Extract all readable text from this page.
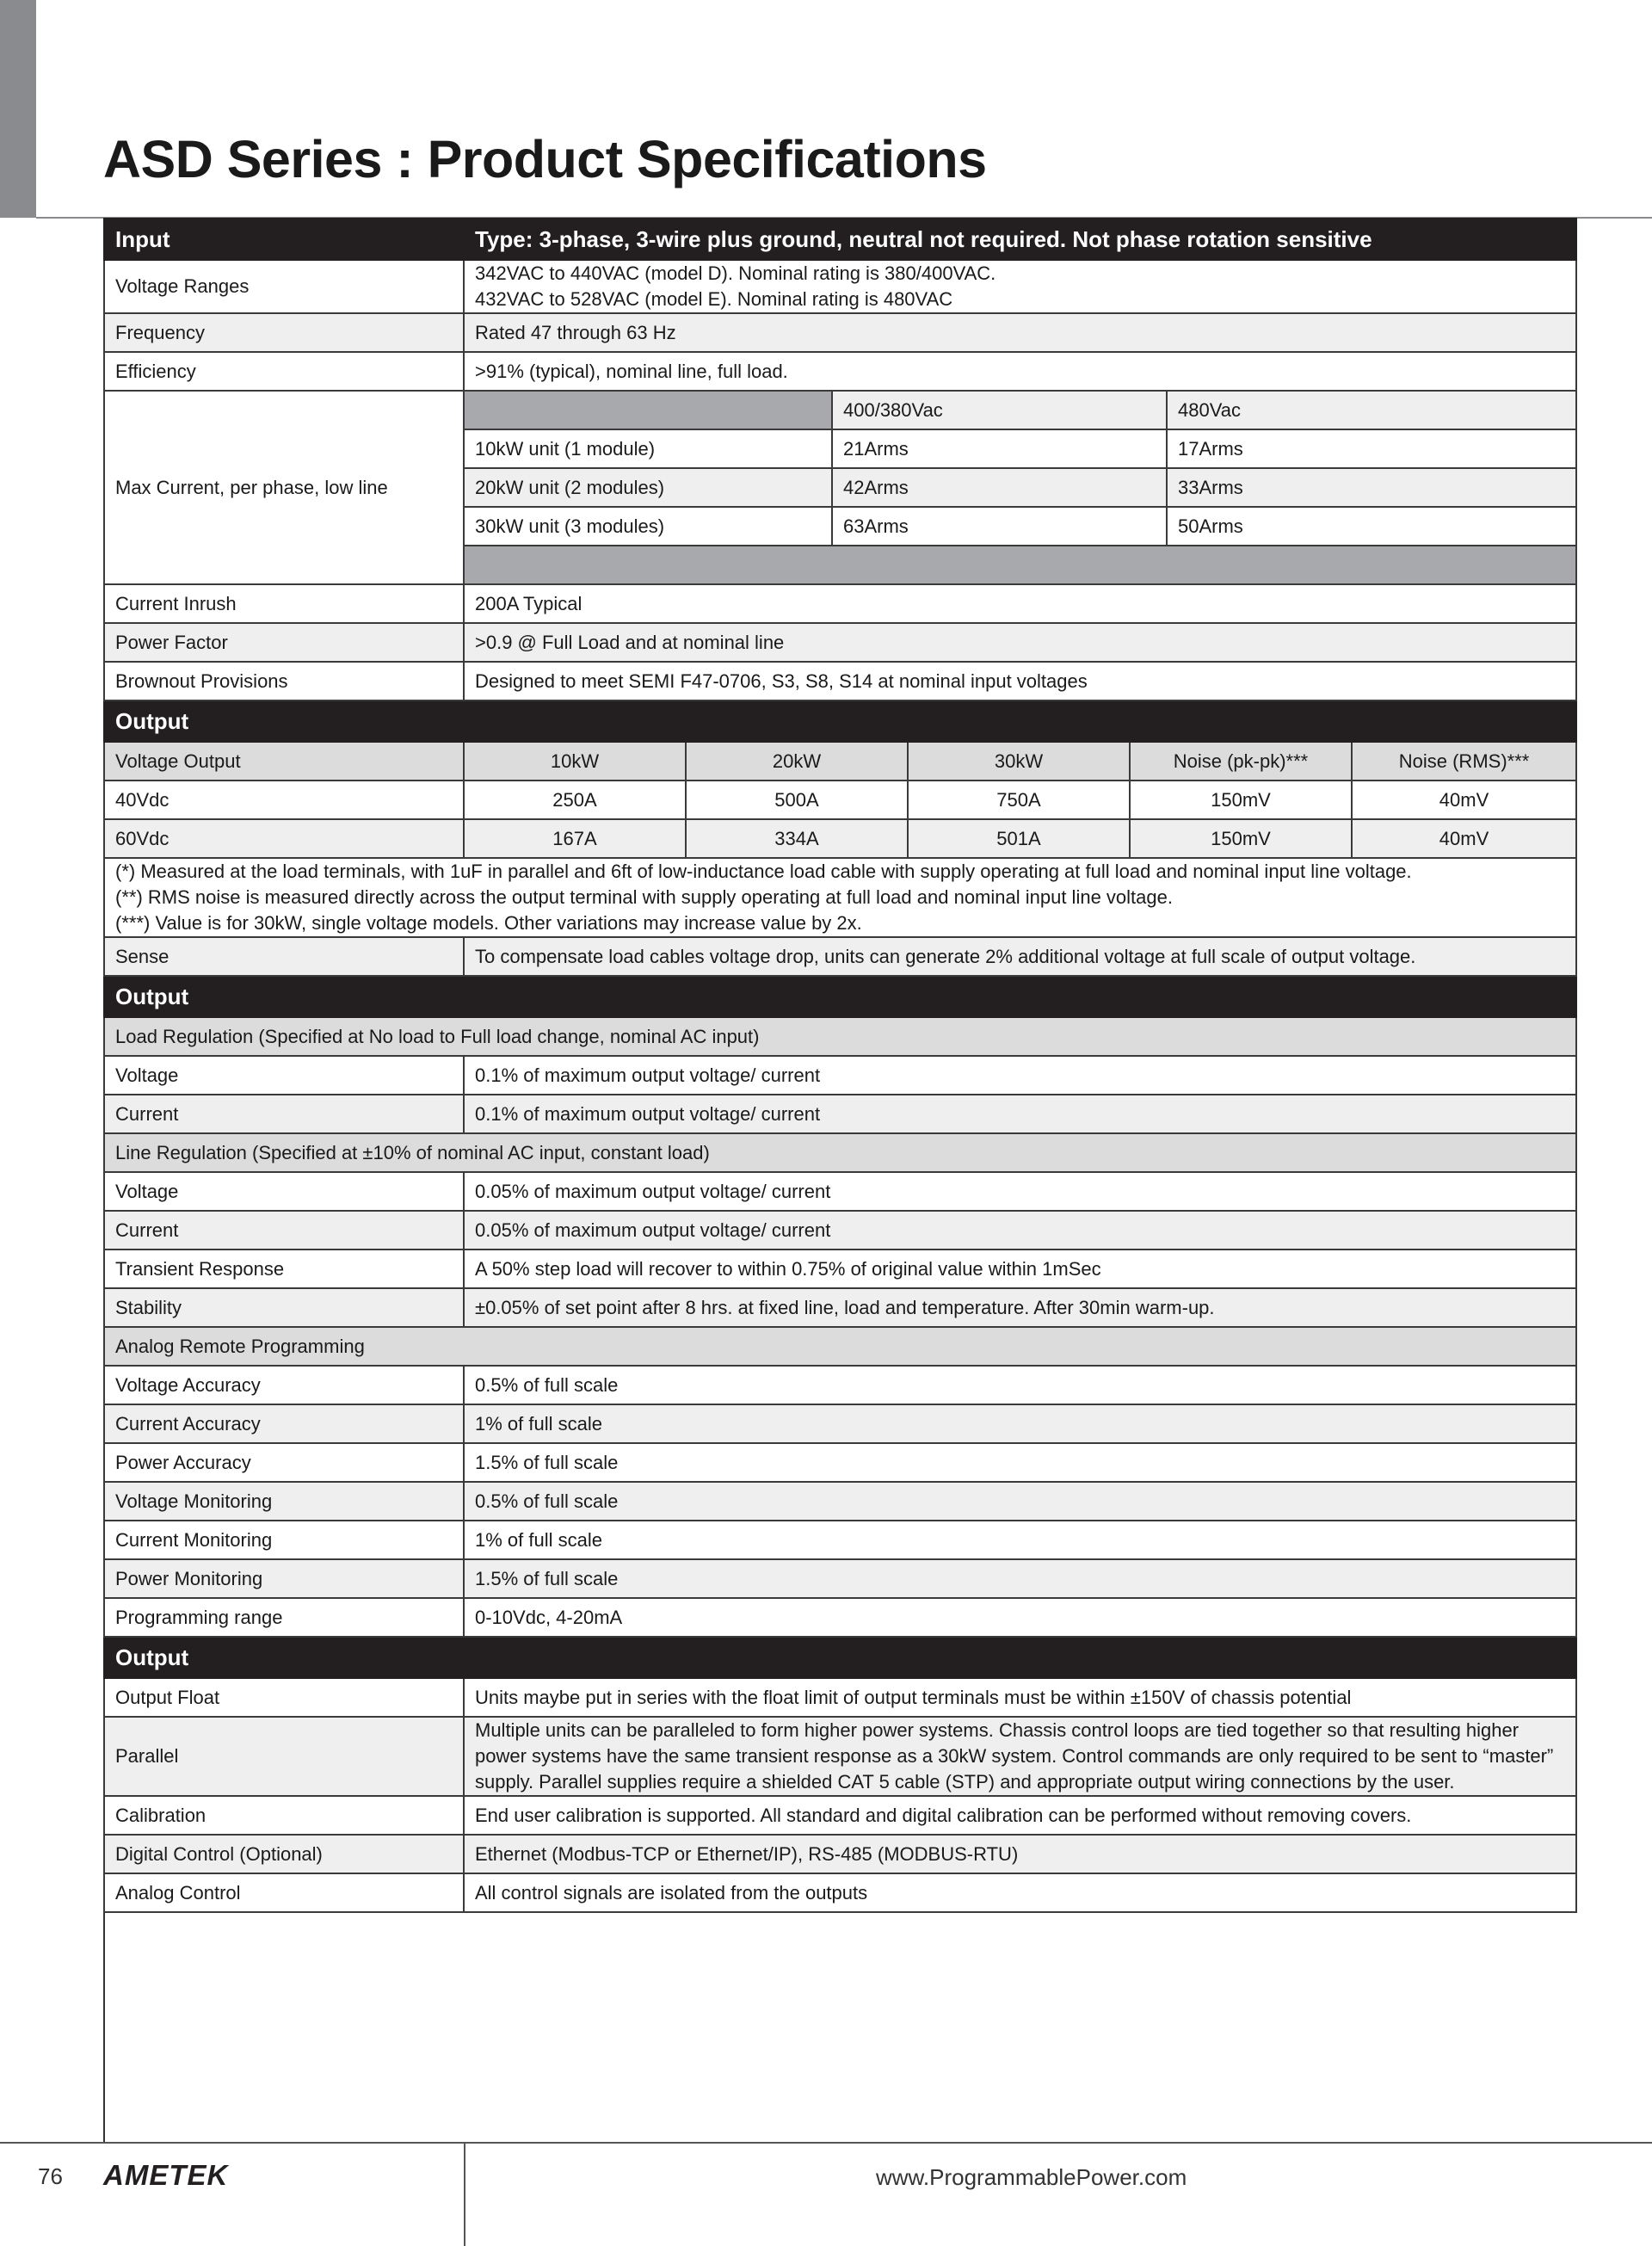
ASD Series : Product Specifications
Input	Type: 3-phase, 3-wire plus ground, neutral not required. Not phase rotation sensitive						
Voltage Ranges	342VAC to 440VAC (model D). Nominal rating is 380/400VAC.
432VAC to 528VAC (model E). Nominal rating is 480VAC						

Frequency	Rated 47 through 63 Hz						
Efficiency	>91% (typical), nominal line, full load.						
Max Current, per phase, low line			400/380Vac			480Vac	
	10kW unit (1 module)		21Arms			17Arms	
	20kW unit (2 modules)		42Arms			33Arms	
	30kW unit (3 modules)		63Arms			50Arms	

Current Inrush	200A Typical						
Power Factor	>0.9 @ Full Load and at nominal line						
Brownout Provisions	Designed to meet SEMI F47-0706, S3, S8, S14 at nominal input voltages						
Output							
Voltage Output	10kW	20kW		30kW	Noise (pk-pk)***		Noise (RMS)***
40Vdc	250A	500A		750A	150mV		40mV
60Vdc	167A	334A		501A	150mV		40mV

(*) Measured at the load terminals, with 1uF in parallel and 6ft of low-inductance load cable with supply operating at full load and nominal input line voltage.
(**) RMS noise is measured directly across the output terminal with supply operating at full load and nominal input line voltage.
(***) Value is for 30kW, single voltage models. Other variations may increase value by 2x.							

Sense	To compensate load cables voltage drop, units can generate 2% additional voltage at full scale of output voltage.						
Output							
Load Regulation (Specified at No load to Full load change, nominal AC input)							
Voltage	0.1% of maximum output voltage/ current						
Current	0.1% of maximum output voltage/ current						
Line Regulation (Specified at ±10% of nominal AC input, constant load)							
Voltage	0.05% of maximum output voltage/ current						
Current	0.05% of maximum output voltage/ current						
Transient Response	A 50% step load will recover to within 0.75% of original value within 1mSec						
Stability	±0.05% of set point after 8 hrs. at fixed line, load and temperature. After 30min warm-up.						
Analog Remote Programming							
Voltage Accuracy	0.5% of full scale						
Current Accuracy	1% of full scale						
Power Accuracy	1.5% of full scale						
Voltage Monitoring	0.5% of full scale						
Current Monitoring	1% of full scale						
Power Monitoring	1.5% of full scale						
Programming range	0-10Vdc, 4-20mA						
Output							
Output Float	Units maybe put in series with the float limit of output terminals must be within ±150V of chassis potential						
Parallel	Multiple units can be paralleled to form higher power systems. Chassis control loops are tied together so that resulting higher
power systems have the same transient response as a 30kW system. Control commands are only required to be sent to “master”
supply. Parallel supplies require a shielded CAT 5 cable (STP) and appropriate output wiring connections by the user.						

Calibration	End user calibration is supported. All standard and digital calibration can be performed without removing covers.						
Digital Control (Optional)	Ethernet (Modbus-TCP or Ethernet/IP), RS-485 (MODBUS-RTU)						
Analog Control	All control signals are isolated from the outputs						
76 AMETEK	www.ProgrammablePower.com
